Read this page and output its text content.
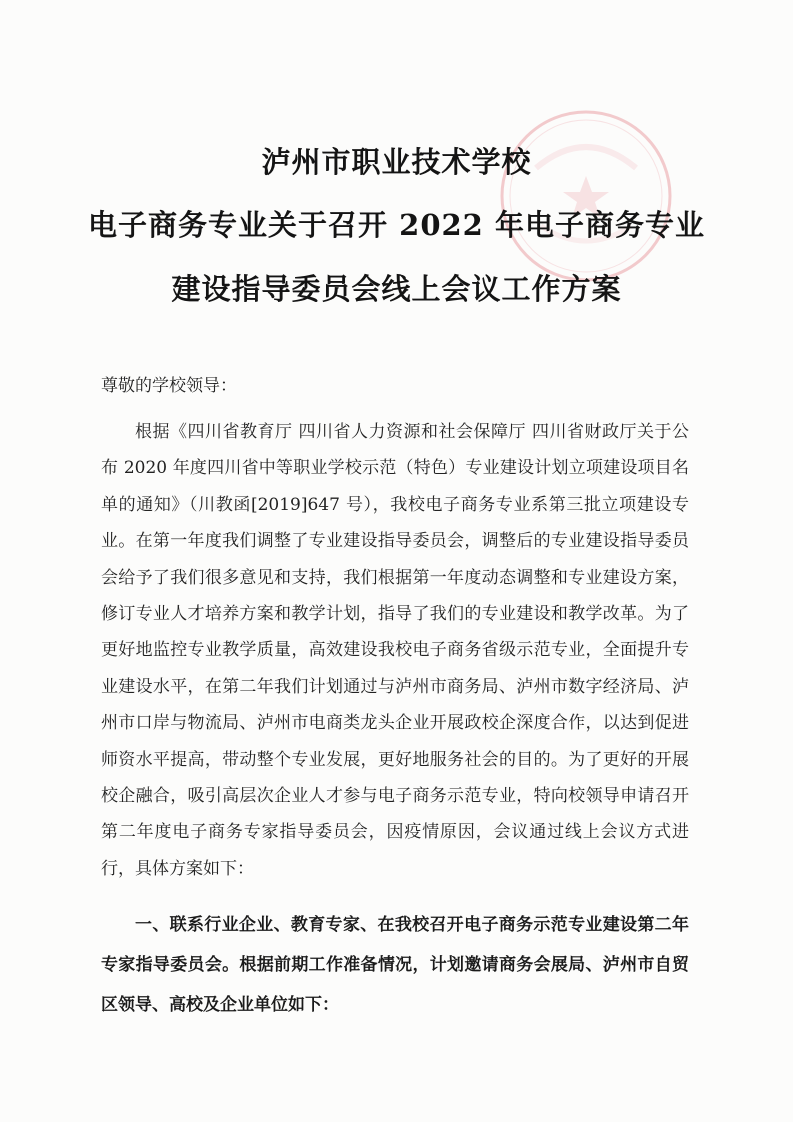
泸州市职业技术学校
电子商务专业关于召开 2022 年电子商务专业
建设指导委员会线上会议工作方案
尊敬的学校领导：

根据《四川省教育厅 四川省人力资源和社会保障厅 四川省财政厅关于公布 2020 年度四川省中等职业学校示范（特色）专业建设计划立项建设项目名单的通知》（川教函[2019]647 号），我校电子商务专业系第三批立项建设专业。在第一年度我们调整了专业建设指导委员会，调整后的专业建设指导委员会给予了我们很多意见和支持，我们根据第一年度动态调整和专业建设方案，修订专业人才培养方案和教学计划，指导了我们的专业建设和教学改革。为了更好地监控专业教学质量，高效建设我校电子商务省级示范专业，全面提升专业建设水平，在第二年我们计划通过与泸州市商务局、泸州市数字经济局、泸州市口岸与物流局、泸州市电商类龙头企业开展政校企深度合作，以达到促进师资水平提高，带动整个专业发展，更好地服务社会的目的。为了更好的开展校企融合，吸引高层次企业人才参与电子商务示范专业，特向校领导申请召开第二年度电子商务专家指导委员会，因疫情原因，会议通过线上会议方式进行，具体方案如下：

一、联系行业企业、教育专家、在我校召开电子商务示范专业建设第二年专家指导委员会。根据前期工作准备情况，计划邀请商务会展局、泸州市自贸区领导、高校及企业单位如下：
